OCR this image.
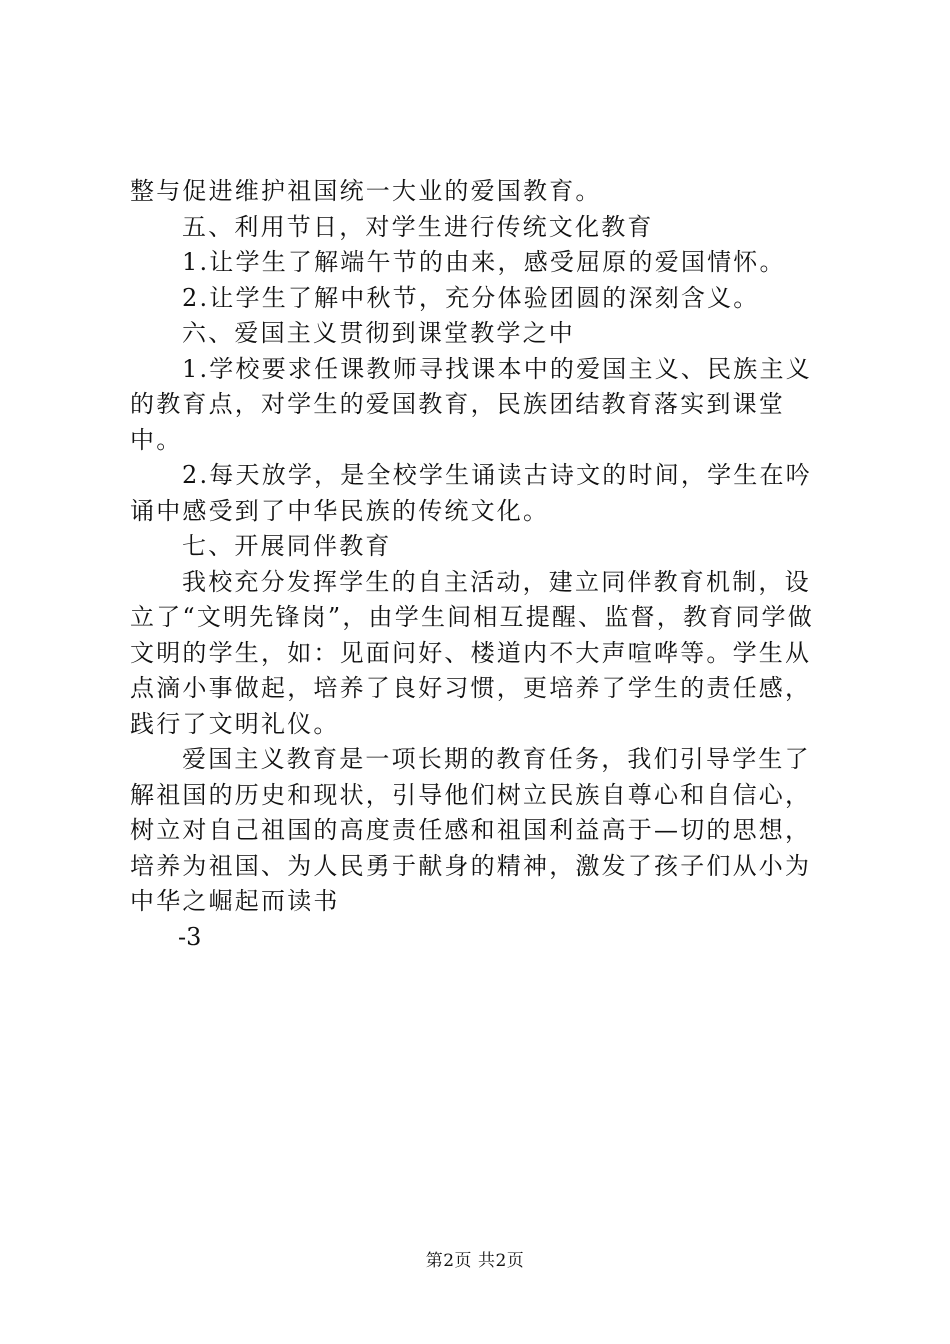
整与促进维护祖国统一大业的爱国教育。

五、利用节日，对学生进行传统文化教育

1.让学生了解端午节的由来，感受屈原的爱国情怀。

2.让学生了解中秋节，充分体验团圆的深刻含义。

六、爱国主义贯彻到课堂教学之中

1.学校要求任课教师寻找课本中的爱国主义、民族主义的教育点，对学生的爱国教育，民族团结教育落实到课堂中。

2.每天放学，是全校学生诵读古诗文的时间，学生在吟诵中感受到了中华民族的传统文化。

七、开展同伴教育

我校充分发挥学生的自主活动，建立同伴教育机制，设立了“文明先锋岗”，由学生间相互提醒、监督，教育同学做文明的学生，如：见面问好、楼道内不大声喧哗等。学生从点滴小事做起，培养了良好习惯，更培养了学生的责任感，践行了文明礼仪。

爱国主义教育是一项长期的教育任务，我们引导学生了解祖国的历史和现状，引导他们树立民族自尊心和自信心，树立对自己祖国的高度责任感和祖国利益高于—切的思想，培养为祖国、为人民勇于献身的精神，激发了孩子们从小为中华之崛起而读书

-3

第2页 共2页
